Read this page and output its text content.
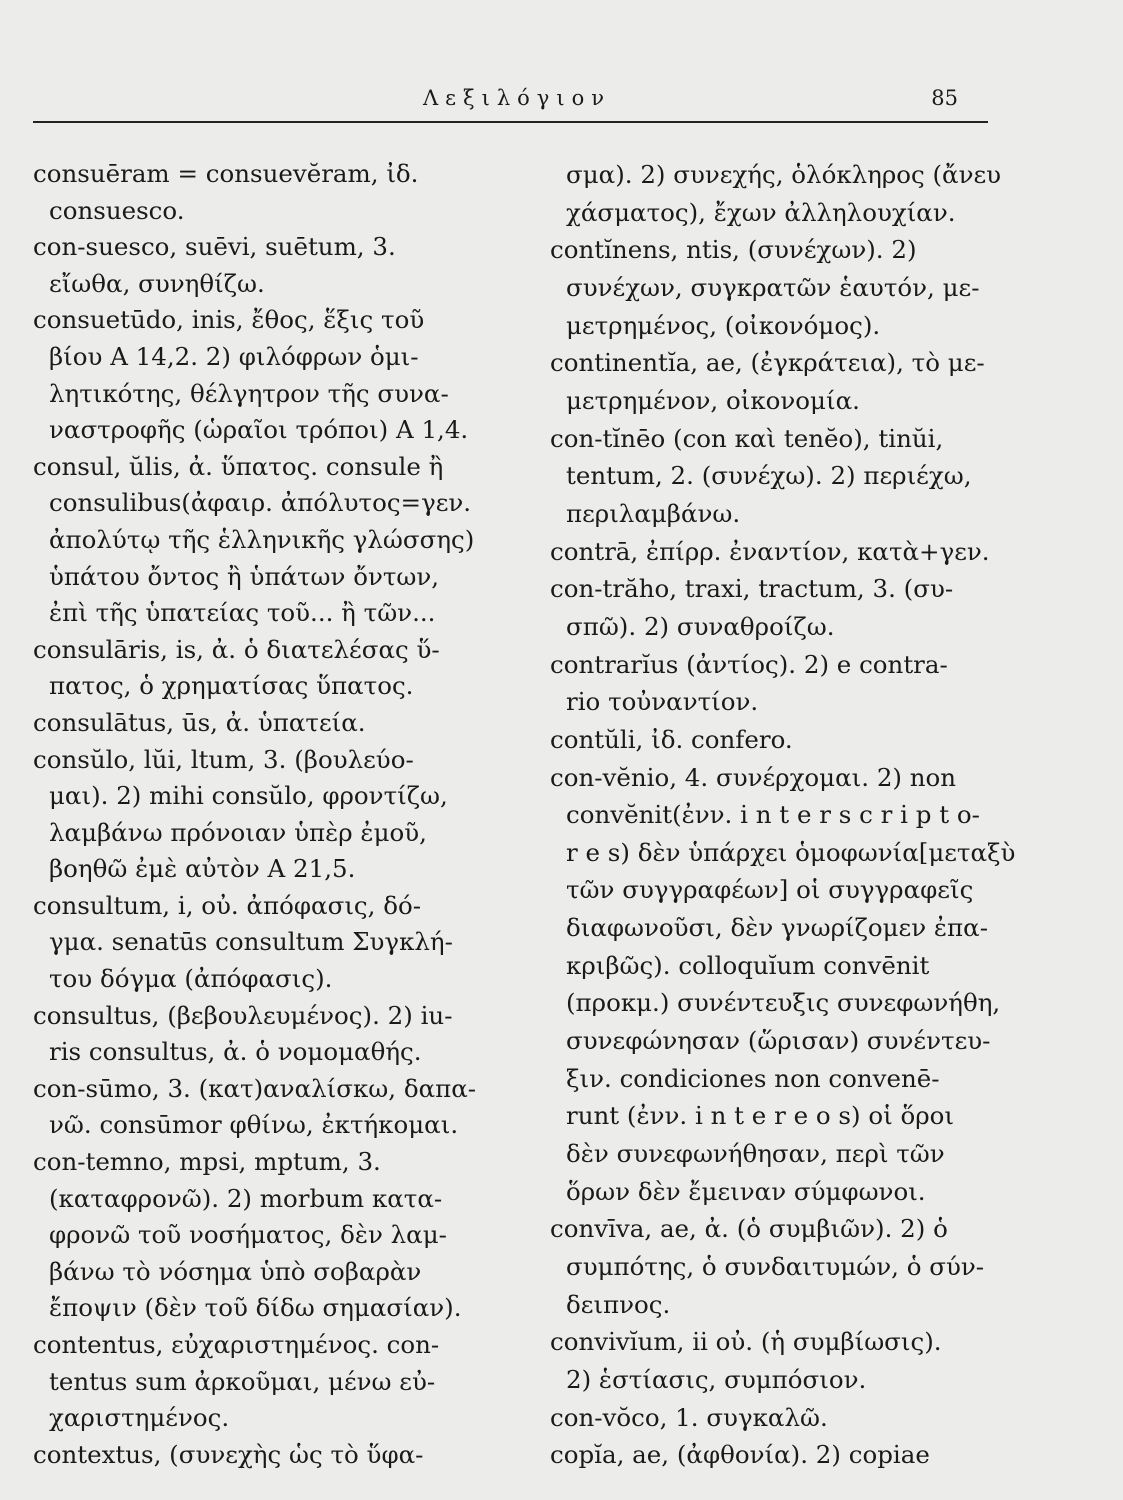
Λεξιλόγιον	85
consuēram = consuevĕram, ἰδ.
consuesco.
con-suesco, suēvi, suētum, 3.
εἴωθα, συνηθίζω.
consuetūdo, inis, ἔθος, ἕξις τοῦ
βίου A 14,2. 2) φιλόφρων ὁμι-
λητικότης, θέλγητρον τῆς συνα-
ναστροφῆς (ὡραῖοι τρόποι) A 1,4.
consul, ŭlis, ἀ. ὕπατος. consule ἢ
consulibus(ἀφαιρ. ἀπόλυτος=γεν.
ἀπολύτῳ τῆς ἑλληνικῆς γλώσσης)
ὑπάτου ὄντος ἢ ὑπάτων ὄντων,
ἐπὶ τῆς ὑπατείας τοῦ... ἢ τῶν...
consulāris, is, ἀ. ὁ διατελέσας ὕ-
πατος, ὁ χρηματίσας ὕπατος.
consulātus, ūs, ἀ. ὑπατεία.
consŭlo, lŭi, ltum, 3. (βουλεύο-
μαι). 2) mihi consŭlo, φροντίζω,
λαμβάνω πρόνοιαν ὑπὲρ ἐμοῦ,
βοηθῶ ἐμὲ αὐτὸν A 21,5.
consultum, i, οὐ. ἀπόφασις, δό-
γμα. senatūs consultum Συγκλή-
του δόγμα (ἀπόφασις).
consultus, (βεβουλευμένος). 2) iu-
ris consultus, ἀ. ὁ νομομαθής.
con-sūmo, 3. (κατ)αναλίσκω, δαπα-
νῶ. consūmor φθίνω, ἐκτήκομαι.
con-temno, mpsi, mptum, 3.
(καταφρονῶ). 2) morbum κατα-
φρονῶ τοῦ νοσήματος, δὲν λαμ-
βάνω τὸ νόσημα ὑπὸ σοβαρὰν
ἔποψιν (δὲν τοῦ δίδω σημασίαν).
contentus, εὐχαριστημένος. con-
tentus sum ἀρκοῦμαι, μένω εὐ-
χαριστημένος.
contextus, (συνεχὴς ὡς τὸ ὕφα-
σμα). 2) συνεχής, ὁλόκληρος (ἄνευ
χάσματος), ἔχων ἀλληλουχίαν.
contĭnens, ntis, (συνέχων). 2)
συνέχων, συγκρατῶν ἑαυτόν, με-
μετρημένος, (οἰκονόμος).
continentĭa, ae, (ἐγκράτεια), τὸ με-
μετρημένον, οἰκονομία.
con-tĭnēo (con καὶ tenĕo), tinŭi,
tentum, 2. (συνέχω). 2) περιέχω,
περιλαμβάνω.
contrā, ἐπίρρ. ἐναντίον, κατὰ+γεν.
con-trăho, traxi, tractum, 3. (συ-
σπῶ). 2) συναθροίζω.
contrarĭus (ἀντίος). 2) e contra-
rio τοὐναντίον.
contŭli, ἰδ. confero.
con-vĕnio, 4. συνέρχομαι. 2) non
convĕnit(ἐνν. i n t e r s c r i p t o-
r e s) δὲν ὑπάρχει ὁμοφωνία[μεταξὺ
τῶν συγγραφέων] οἱ συγγραφεῖς
διαφωνοῦσι, δὲν γνωρίζομεν ἐπα-
κριβῶς). colloquĭum convēnit
(προκμ.) συνέντευξις συνεφωνήθη,
συνεφώνησαν (ὥρισαν) συνέντευ-
ξιν. condiciones non convenē-
runt (ἐνν. i n t e r e o s) οἱ ὅροι
δὲν συνεφωνήθησαν, περὶ τῶν
ὅρων δὲν ἔμειναν σύμφωνοι.
convīva, ae, ἀ. (ὁ συμβιῶν). 2) ὁ
συμπότης, ὁ συνδαιτυμών, ὁ σύν-
δειπνος.
convivĭum, ii οὐ. (ἡ συμβίωσις).
2) ἑστίασις, συμπόσιον.
con-vŏco, 1. συγκαλῶ.
copĭa, ae, (ἀφθονία). 2) copiae
